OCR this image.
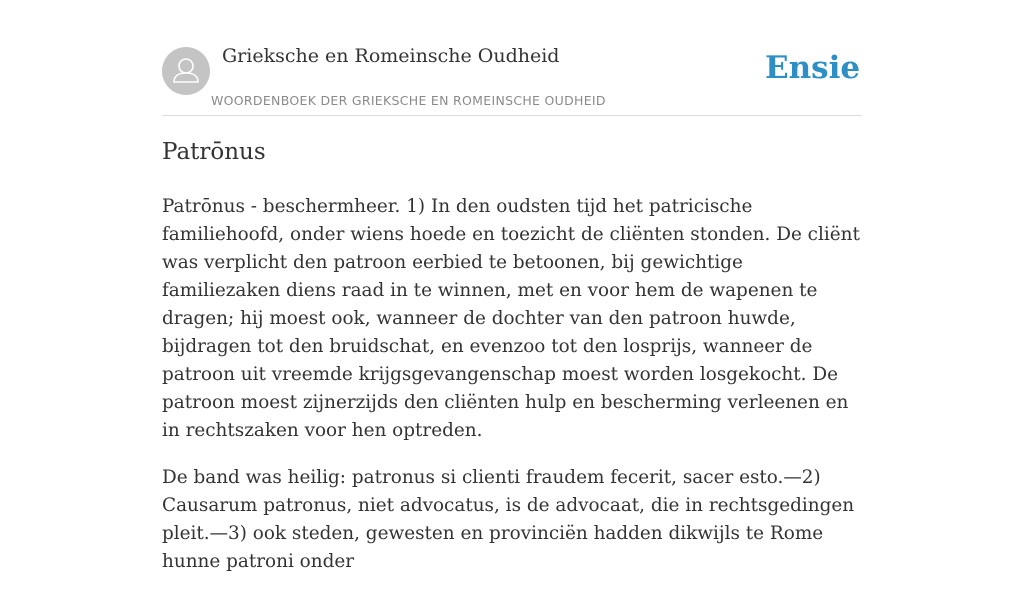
Grieksche en Romeinsche Oudheid
WOORDENBOEK DER GRIEKSCHE EN ROMEINSCHE OUDHEID
Ensie
Patrōnus

Patrōnus - beschermheer. 1) In den oudsten tijd het patricische familiehoofd, onder wiens hoede en toezicht de cliënten stonden. De cliënt was verplicht den patroon eerbied te betoonen, bij gewichtige familiezaken diens raad in te winnen, met en voor hem de wapenen te dragen; hij moest ook, wanneer de dochter van den patroon huwde, bijdragen tot den bruidschat, en evenzoo tot den losprijs, wanneer de patroon uit vreemde krijgsgevangenschap moest worden losgekocht. De patroon moest zijnerzijds den cliënten hulp en bescherming verleenen en in rechtszaken voor hen optreden.

De band was heilig: patronus si clienti fraudem fecerit, sacer esto.—2) Causarum patronus, niet advocatus, is de advocaat, die in rechtsgedingen pleit.—3) ook steden, gewesten en provinciën hadden dikwijls te Rome hunne patroni onder
